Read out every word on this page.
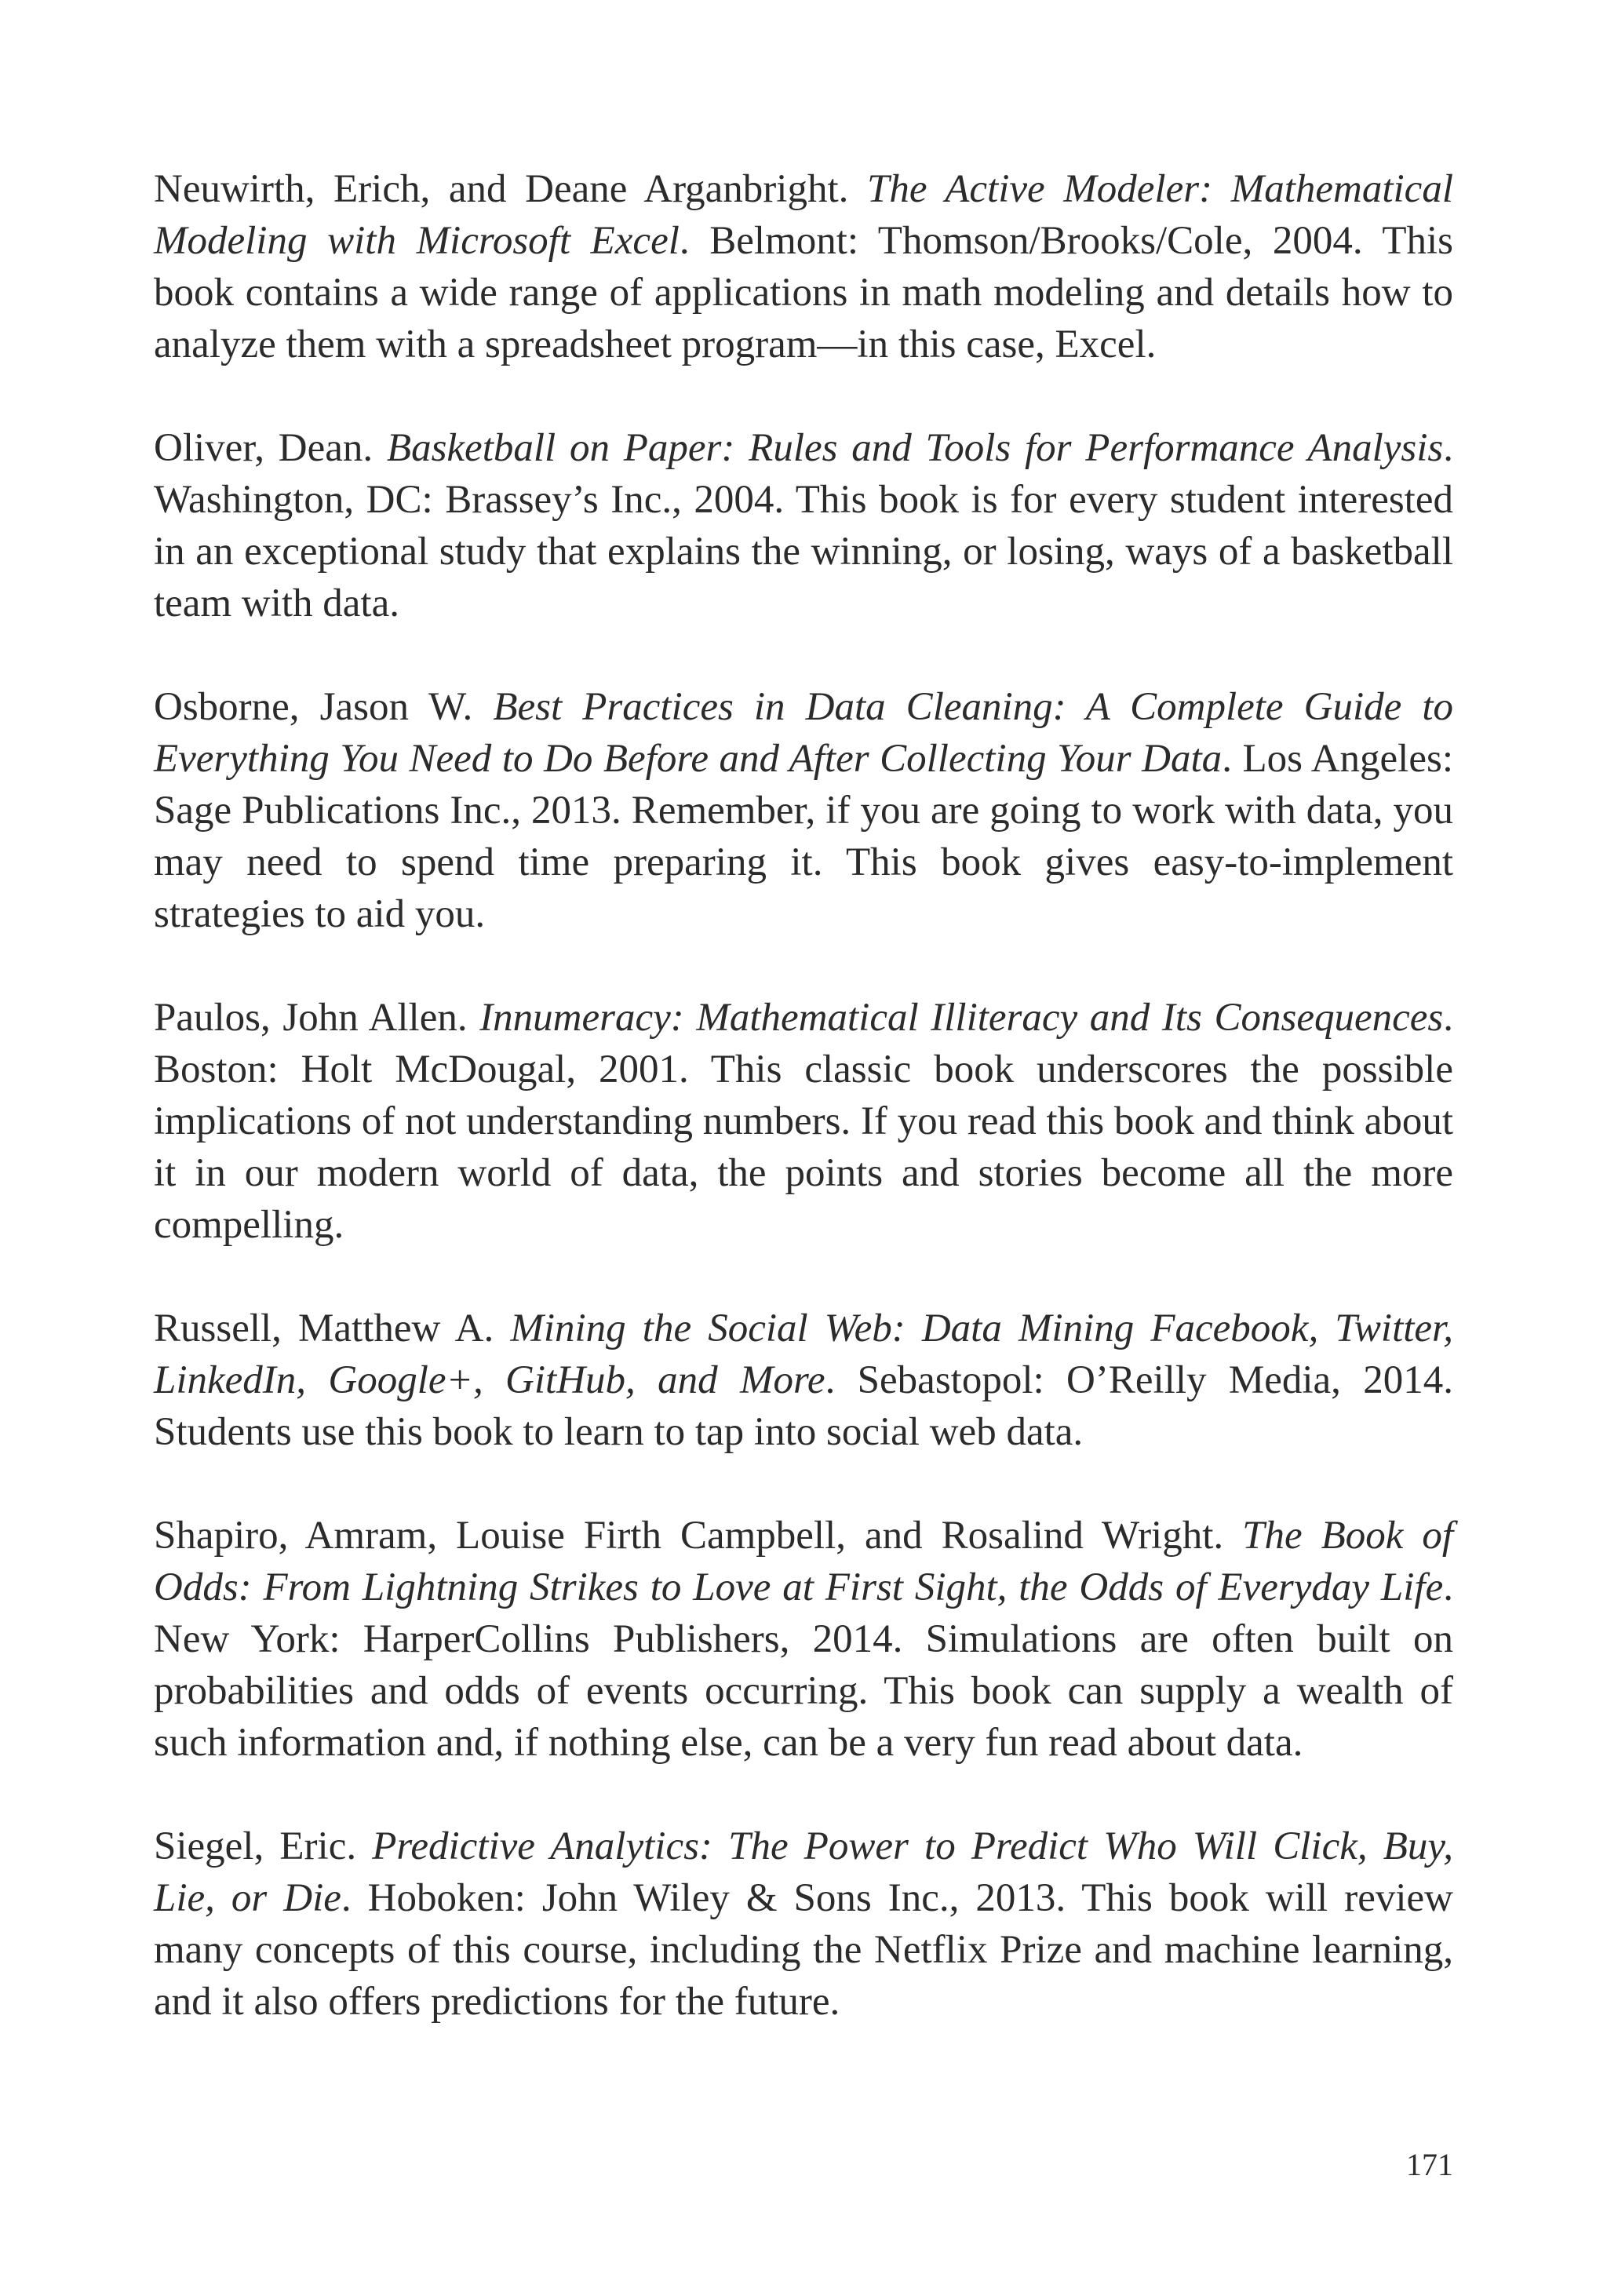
Neuwirth, Erich, and Deane Arganbright. The Active Modeler: Mathematical Modeling with Microsoft Excel. Belmont: Thomson/Brooks/Cole, 2004. This book contains a wide range of applications in math modeling and details how to analyze them with a spreadsheet program—in this case, Excel.

Oliver, Dean. Basketball on Paper: Rules and Tools for Performance Analysis. Washington, DC: Brassey’s Inc., 2004. This book is for every student interested in an exceptional study that explains the winning, or losing, ways of a basketball team with data.

Osborne, Jason W. Best Practices in Data Cleaning: A Complete Guide to Everything You Need to Do Before and After Collecting Your Data. Los Angeles: Sage Publications Inc., 2013. Remember, if you are going to work with data, you may need to spend time preparing it. This book gives easy-to-implement strategies to aid you.

Paulos, John Allen. Innumeracy: Mathematical Illiteracy and Its Consequences. Boston: Holt McDougal, 2001. This classic book underscores the possible implications of not understanding numbers. If you read this book and think about it in our modern world of data, the points and stories become all the more compelling.

Russell, Matthew A. Mining the Social Web: Data Mining Facebook, Twitter, LinkedIn, Google+, GitHub, and More. Sebastopol: O’Reilly Media, 2014. Students use this book to learn to tap into social web data.

Shapiro, Amram, Louise Firth Campbell, and Rosalind Wright. The Book of Odds: From Lightning Strikes to Love at First Sight, the Odds of Everyday Life. New York: HarperCollins Publishers, 2014. Simulations are often built on probabilities and odds of events occurring. This book can supply a wealth of such information and, if nothing else, can be a very fun read about data.

Siegel, Eric. Predictive Analytics: The Power to Predict Who Will Click, Buy, Lie, or Die. Hoboken: John Wiley & Sons Inc., 2013. This book will review many concepts of this course, including the Netflix Prize and machine learning, and it also offers predictions for the future.

171
